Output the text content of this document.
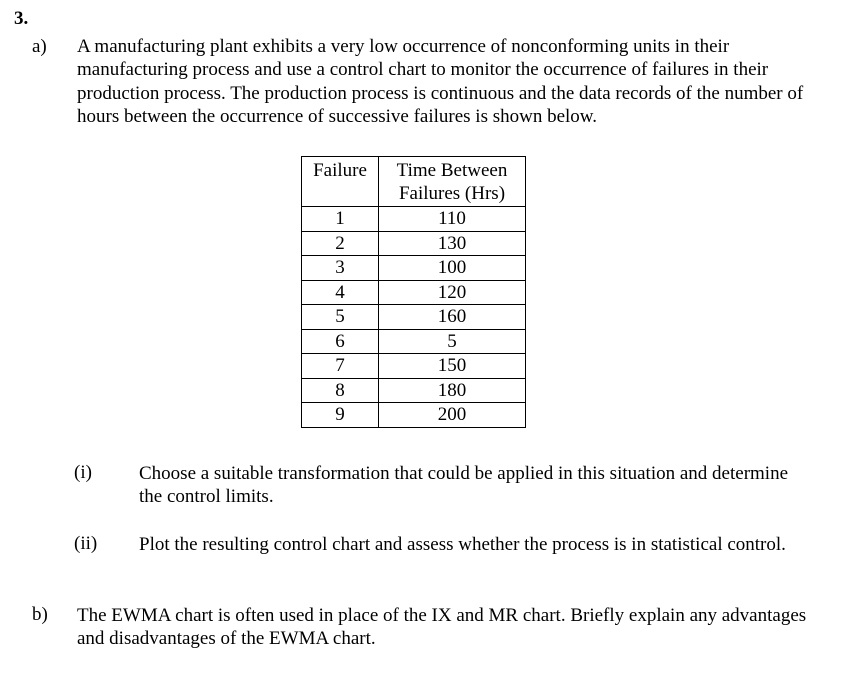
3.
a) A manufacturing plant exhibits a very low occurrence of nonconforming units in their manufacturing process and use a control chart to monitor the occurrence of failures in their production process. The production process is continuous and the data records of the number of hours between the occurrence of successive failures is shown below.
Failure	Time Between Failures (Hrs)
1	110
2	130
3	100
4	120
5	160
6	5
7	150
8	180
9	200
(i) Choose a suitable transformation that could be applied in this situation and determine the control limits.
(ii) Plot the resulting control chart and assess whether the process is in statistical control.
b) The EWMA chart is often used in place of the IX and MR chart. Briefly explain any advantages and disadvantages of the EWMA chart.
